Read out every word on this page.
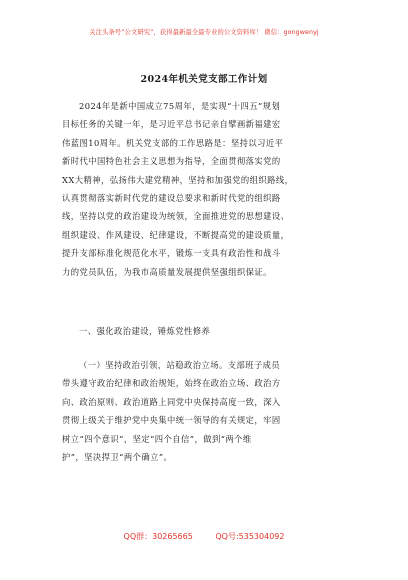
关注头条号“公文研究”，获得最新最全最专业的公文资料库！ 微信：gongwenyj
2024年机关党支部工作计划
2024年是新中国成立75周年，是实现“十四五”规划
目标任务的关键一年，是习近平总书记亲自擘画新福建宏
伟蓝图10周年。机关党支部的工作思路是：坚持以习近平
新时代中国特色社会主义思想为指导，全面贯彻落实党的
XX大精神，弘扬伟大建党精神，坚持和加强党的组织路线，
认真贯彻落实新时代党的建设总要求和新时代党的组织路
线，坚持以党的政治建设为统领，全面推进党的思想建设、
组织建设、作风建设、纪律建设，不断提高党的建设质量，
提升支部标准化规范化水平，锻炼一支具有政治性和战斗
力的党员队伍，为我市高质量发展提供坚强组织保证。
一、强化政治建设，锤炼党性修养
（一）坚持政治引领，站稳政治立场。支部班子成员
带头遵守政治纪律和政治规矩，始终在政治立场、政治方
向、政治原则、政治道路上同党中央保持高度一致，深入
贯彻上级关于维护党中央集中统一领导的有关规定，牢固
树立“四个意识”，坚定“四个自信”，做到“两个维
护”，坚决捍卫“两个确立”。
QQ群：30265665	QQ号:535304092
